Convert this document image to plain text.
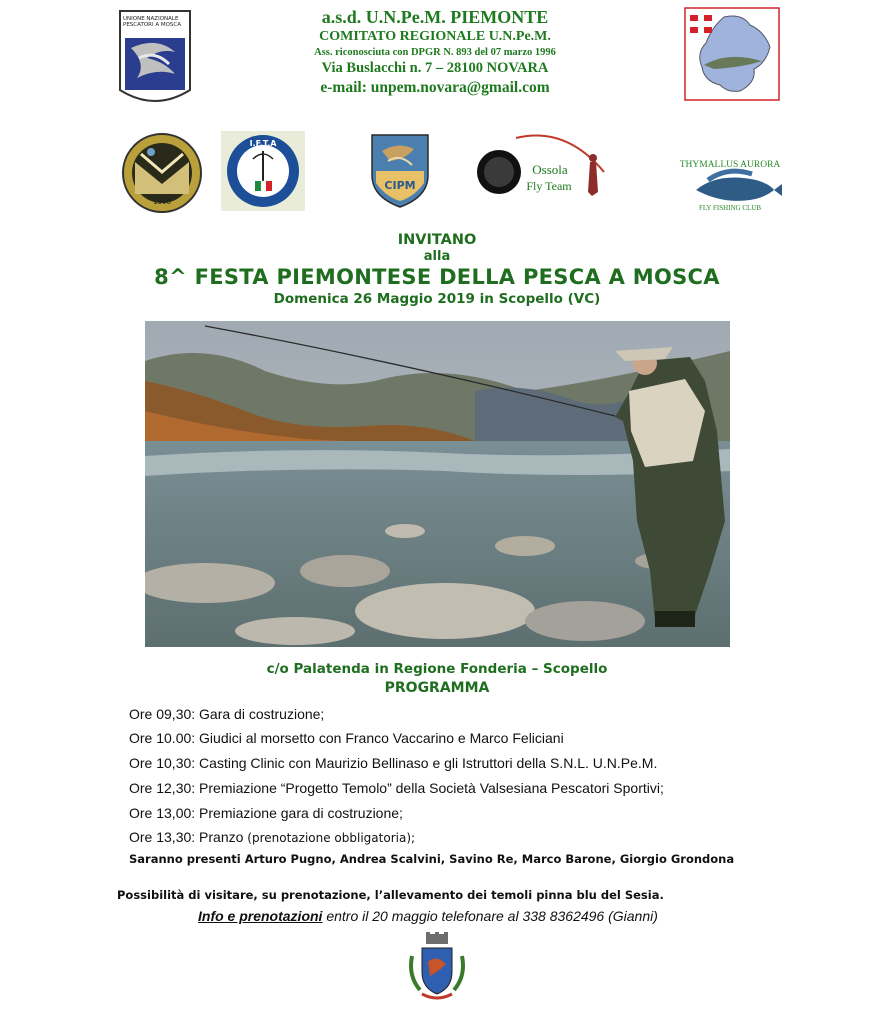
UNIONE NAZIONALE PESCATORI A MOSCA	a.s.d. U.N.Pe.M. PIEMONTE
COMITATO REGIONALE U.N.Pe.M.
Ass. riconosciuta con DPGR N. 893 del 07 marzo 1996
Via Buslacchi n. 7 – 28100 NOVARA
e-mail: unpem.novara@gmail.com
1996
I.F.T.A
CIPM
Ossola
Fly Team
THYMALLUS AURORA
FLY FISHING CLUB
INVITANO
alla
8^ FESTA PIEMONTESE DELLA PESCA A MOSCA
Domenica 26 Maggio 2019 in Scopello (VC)
c/o Palatenda in Regione Fonderia – Scopello
PROGRAMMA
Ore 09,30: Gara di costruzione;
Ore 10.00: Giudici al morsetto con Franco Vaccarino e Marco Feliciani
Ore 10,30: Casting Clinic con Maurizio Bellinaso e gli Istruttori della S.N.L. U.N.Pe.M.
Ore 12,30: Premiazione “Progetto Temolo” della Società Valsesiana Pescatori Sportivi;
Ore 13,00: Premiazione gara di costruzione;
Ore 13,30: Pranzo (prenotazione obbligatoria);
Saranno presenti Arturo Pugno, Andrea Scalvini, Savino Re, Marco Barone, Giorgio Grondona
Possibilità di visitare, su prenotazione, l’allevamento dei temoli pinna blu del Sesia.
Info e prenotazioni entro il 20 maggio telefonare al 338 8362496 (Gianni)
